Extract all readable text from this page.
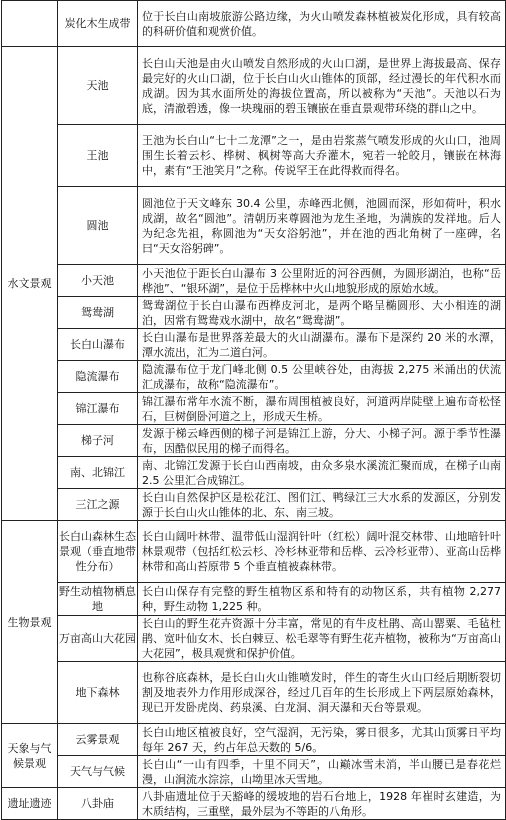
	炭化木生成带	位于长白山南坡旅游公路边缘，为火山喷发森林植被炭化形成，具有较高的科研价值和观赏价值。
水文景观	天池	长白山天池是由火山喷发自然形成的火山口湖，是世界上海拔最高、保存最完好的火山口湖，位于长白山火山锥体的顶部，经过漫长的年代积水而成湖。因为其水面所处的海拔位置高，所以被称为“天池”。天池以石为底，清澈碧透，像一块瑰丽的碧玉镶嵌在垂直景观带环绕的群山之中。
	王池	王池为长白山“七十二龙潭”之一，是由岩浆蒸气喷发形成的火山口，池周围生长着云杉、桦树、枫树等高大乔灌木，宛若一轮皎月，镶嵌在林海中，素有“王池笑月”之称。传说罕王在此得救而得名。
	圆池	圆池位于天文峰东 30.4 公里，赤峰西北侧，池圆而深，形如荷叶，积水成湖，故名“圆池”。清朝历来尊圆池为龙生圣地，为满族的发祥地。后人为纪念先祖，称圆池为“天女浴躬池”，并在池的西北角树了一座碑，名曰“天女浴躬碑”。
	小天池	小天池位于距长白山瀑布 3 公里附近的河谷西侧，为圆形湖泊，也称“岳桦池”、“银环湖”，是位于岳桦林中火山地貌形成的原始水域。
	鸳鸯湖	鸳鸯湖位于长白山瀑布西桦皮河北，是两个略呈椭圆形、大小相连的湖泊，因常有鸳鸯戏水湖中，故名“鸳鸯湖”。
	长白山瀑布	长白山瀑布是世界落差最大的火山湖瀑布。瀑布下是深约 20 米的水潭，潭水流出，汇为二道白河。
	隐流瀑布	隐流瀑布位于龙门峰北侧 0.5 公里峡谷处，由海拔 2,275 米涌出的伏流汇成瀑布，故称“隐流瀑布”。
	锦江瀑布	锦江瀑布常年水流不断，瀑布周围植被良好，河道两岸陡壁上遍布奇松怪石，巨树倒卧河道之上，形成天生桥。
	梯子河	发源于梯云峰西侧的梯子河是锦江上游，分大、小梯子河。源于季节性瀑布，因酷似民用的梯子而得名。
	南、北锦江	南、北锦江发源于长白山西南坡，由众多泉水溪流汇聚而成，在梯子山南 2.5 公里汇合成锦江。
	三江之源	长白山自然保护区是松花江、图们江、鸭绿江三大水系的发源区，分别发源于长白山火山锥体的北、东、南三坡。
生物景观	长白山森林生态景观（垂直地带性分布）	长白山阔叶林带、温带低山湿润针叶（红松）阔叶混交林带、山地暗针叶林景观带（包括红松云杉、冷杉林亚带和岳桦、云冷杉亚带）、亚高山岳桦林带和高山苔原带 5 个垂直植被森林带。
	野生动植物栖息地	长白山保存有完整的野生植物区系和特有的动物区系，共有植物 2,277 种，野生动物 1,225 种。
	万亩高山大花园	长白山的野生花卉资源十分丰富，常见的有牛皮杜鹃、高山罂粟、毛毡杜鹃、宽叶仙女木、长白棘豆、松毛翠等有野生花卉植物，被称为“万亩高山大花园”，极具观赏和保护价值。
	地下森林	也称谷底森林，是长白山火山锥喷发时，伴生的寄生火山口经后期断裂切割及地表外力作用形成深谷，经过几百年的生长形成上下两层原始森林，现已开发卧虎岗、药泉溪、白龙洞、洞天瀑和天台等景观。
天象与气候景观	云雾景观	长白山地区植被良好，空气湿润，无污染，雾日很多，尤其山顶雾日平均每年 267 天，约占年总天数的 5/6。
	天气与气候	长白山“一山有四季，十里不同天”，山巅冰雪未消，半山腰已是春花烂漫，山涧流水淙淙，山坳里冰天雪地。
遗址遗迹	八卦庙	八卦庙遗址位于天豁峰的缓坡地的岩石台地上，1928 年崔时玄建造，为木质结构，三重壁，最外层为不等距的八角形。
